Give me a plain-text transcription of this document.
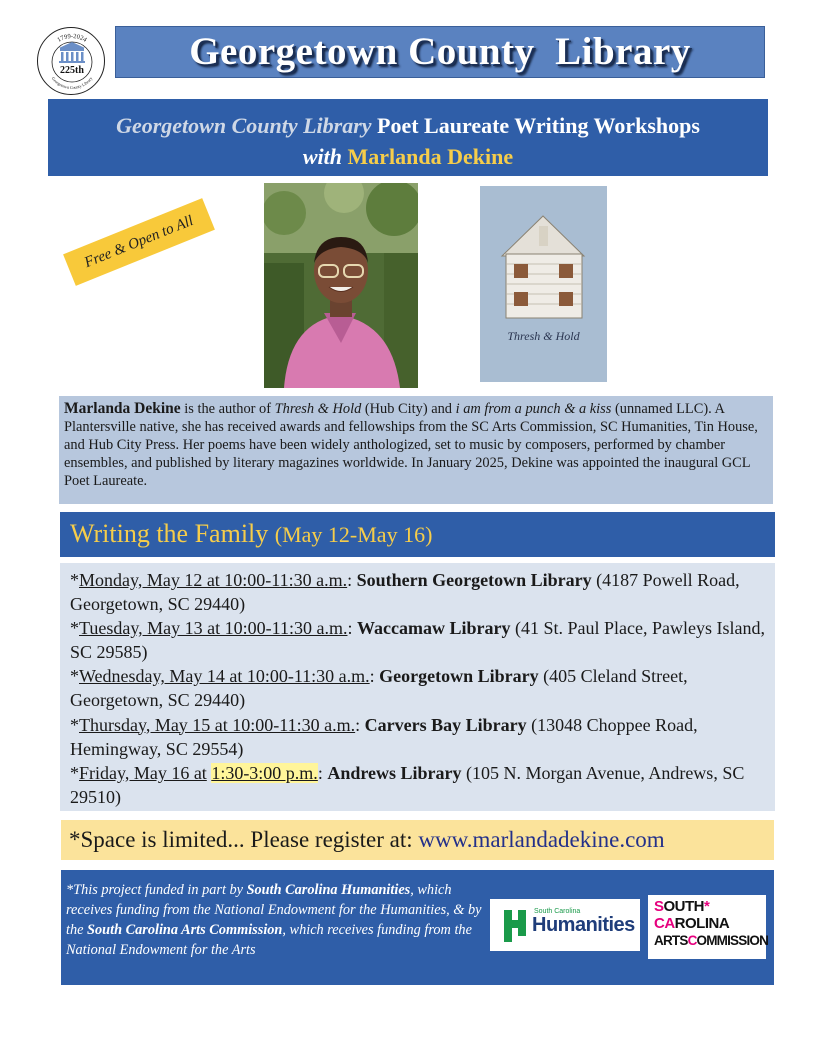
1799-2024
Georgetown County Library
225th	Georgetown County  Library
Georgetown County Library Poet Laureate Writing Workshops
with Marlanda Dekine
Free & Open to All
Thresh & Hold
Marlanda Dekine is the author of Thresh & Hold (Hub City) and i am from a punch & a kiss (unnamed LLC). A Plantersville native, she has received awards and fellowships from the SC Arts Commission, SC Humanities, Tin House, and Hub City Press. Her poems have been widely anthologized, set to music by composers, performed by chamber ensembles, and published by literary magazines worldwide. In January 2025, Dekine was appointed the inaugural GCL Poet Laureate.
Writing the Family (May 12-May 16)
*Monday, May 12 at 10:00-11:30 a.m.: Southern Georgetown Library (4187 Powell Road, Georgetown, SC 29440)
*Tuesday, May 13 at 10:00-11:30 a.m.: Waccamaw Library (41 St. Paul Place, Pawleys Island, SC 29585)
*Wednesday, May 14 at 10:00-11:30 a.m.: Georgetown Library (405 Cleland Street, Georgetown, SC 29440)
*Thursday, May 15 at 10:00-11:30 a.m.: Carvers Bay Library (13048 Choppee Road, Hemingway, SC 29554)
*Friday, May 16 at 1:30-3:00 p.m.: Andrews Library (105 N. Morgan Avenue, Andrews, SC 29510)
*Space is limited... Please register at: www.marlandadekine.com
*This project funded in part by South Carolina Humanities, which receives funding from the National Endowment for the Humanities, & by the South Carolina Arts Commission, which receives funding from the National Endowment for the Arts
South Carolina
Humanities
SOUTH*
CAROLINA
ARTSCOMMISSION
